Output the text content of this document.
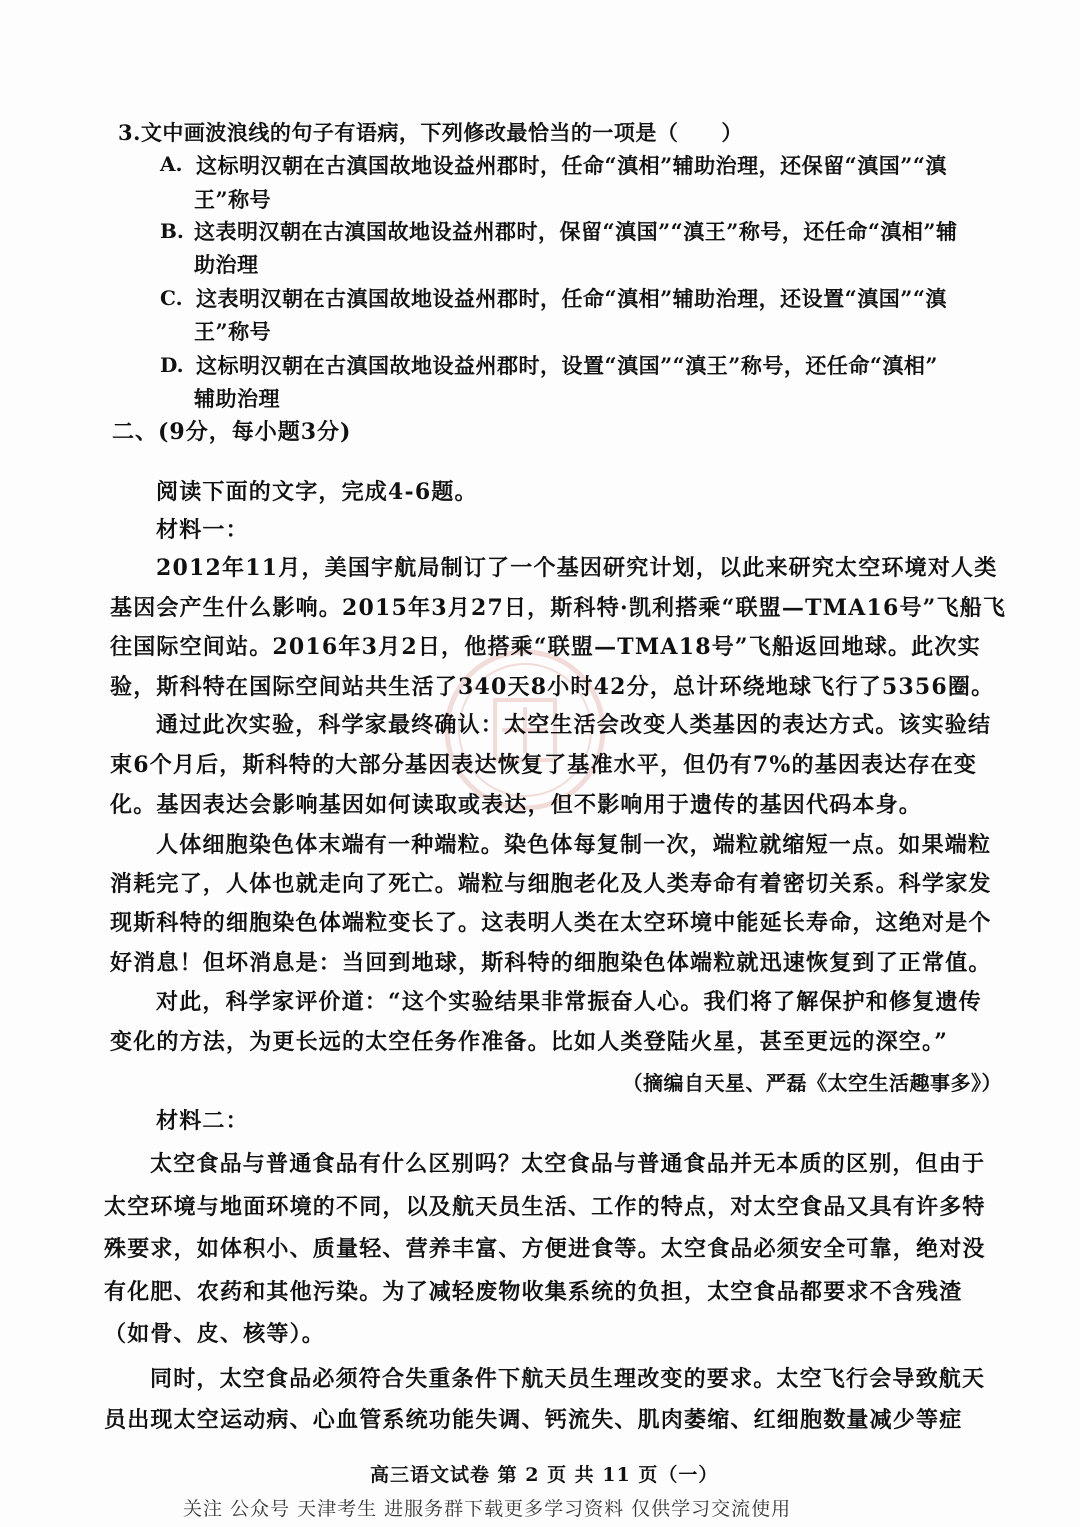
3.文中画波浪线的句子有语病，下列修改最恰当的一项是（　　）
A. 这标明汉朝在古滇国故地设益州郡时，任命“滇相”辅助治理，还保留“滇国”“滇
王”称号
B. 这表明汉朝在古滇国故地设益州郡时，保留“滇国”“滇王”称号，还任命“滇相”辅
助治理
C. 这表明汉朝在古滇国故地设益州郡时，任命“滇相”辅助治理，还设置“滇国”“滇
王”称号
D. 这标明汉朝在古滇国故地设益州郡时，设置“滇国”“滇王”称号，还任命“滇相”
辅助治理
二、(9分，每小题3分)
阅读下面的文字，完成4-6题。
材料一：
2012年11月，美国宇航局制订了一个基因研究计划，以此来研究太空环境对人类
基因会产生什么影响。2015年3月27日，斯科特·凯利搭乘“联盟—TMA16号”飞船飞
往国际空间站。2016年3月2日，他搭乘“联盟—TMA18号”飞船返回地球。此次实
验，斯科特在国际空间站共生活了340天8小时42分，总计环绕地球飞行了5356圈。
通过此次实验，科学家最终确认：太空生活会改变人类基因的表达方式。该实验结
束6个月后，斯科特的大部分基因表达恢复了基准水平，但仍有7%的基因表达存在变
化。基因表达会影响基因如何读取或表达，但不影响用于遗传的基因代码本身。
人体细胞染色体末端有一种端粒。染色体每复制一次，端粒就缩短一点。如果端粒
消耗完了，人体也就走向了死亡。端粒与细胞老化及人类寿命有着密切关系。科学家发
现斯科特的细胞染色体端粒变长了。这表明人类在太空环境中能延长寿命，这绝对是个
好消息！但坏消息是：当回到地球，斯科特的细胞染色体端粒就迅速恢复到了正常值。
对此，科学家评价道：“这个实验结果非常振奋人心。我们将了解保护和修复遗传
变化的方法，为更长远的太空任务作准备。比如人类登陆火星，甚至更远的深空。”
（摘编自天星、严磊《太空生活趣事多》）
材料二：
太空食品与普通食品有什么区别吗？太空食品与普通食品并无本质的区别，但由于
太空环境与地面环境的不同，以及航天员生活、工作的特点，对太空食品又具有许多特
殊要求，如体积小、质量轻、营养丰富、方便进食等。太空食品必须安全可靠，绝对没
有化肥、农药和其他污染。为了减轻废物收集系统的负担，太空食品都要求不含残渣
（如骨、皮、核等）。
同时，太空食品必须符合失重条件下航天员生理改变的要求。太空飞行会导致航天
员出现太空运动病、心血管系统功能失调、钙流失、肌肉萎缩、红细胞数量减少等症
高三语文试卷 第 2 页 共 11 页（一）
关注 公众号 天津考生 进服务群下载更多学习资料 仅供学习交流使用
